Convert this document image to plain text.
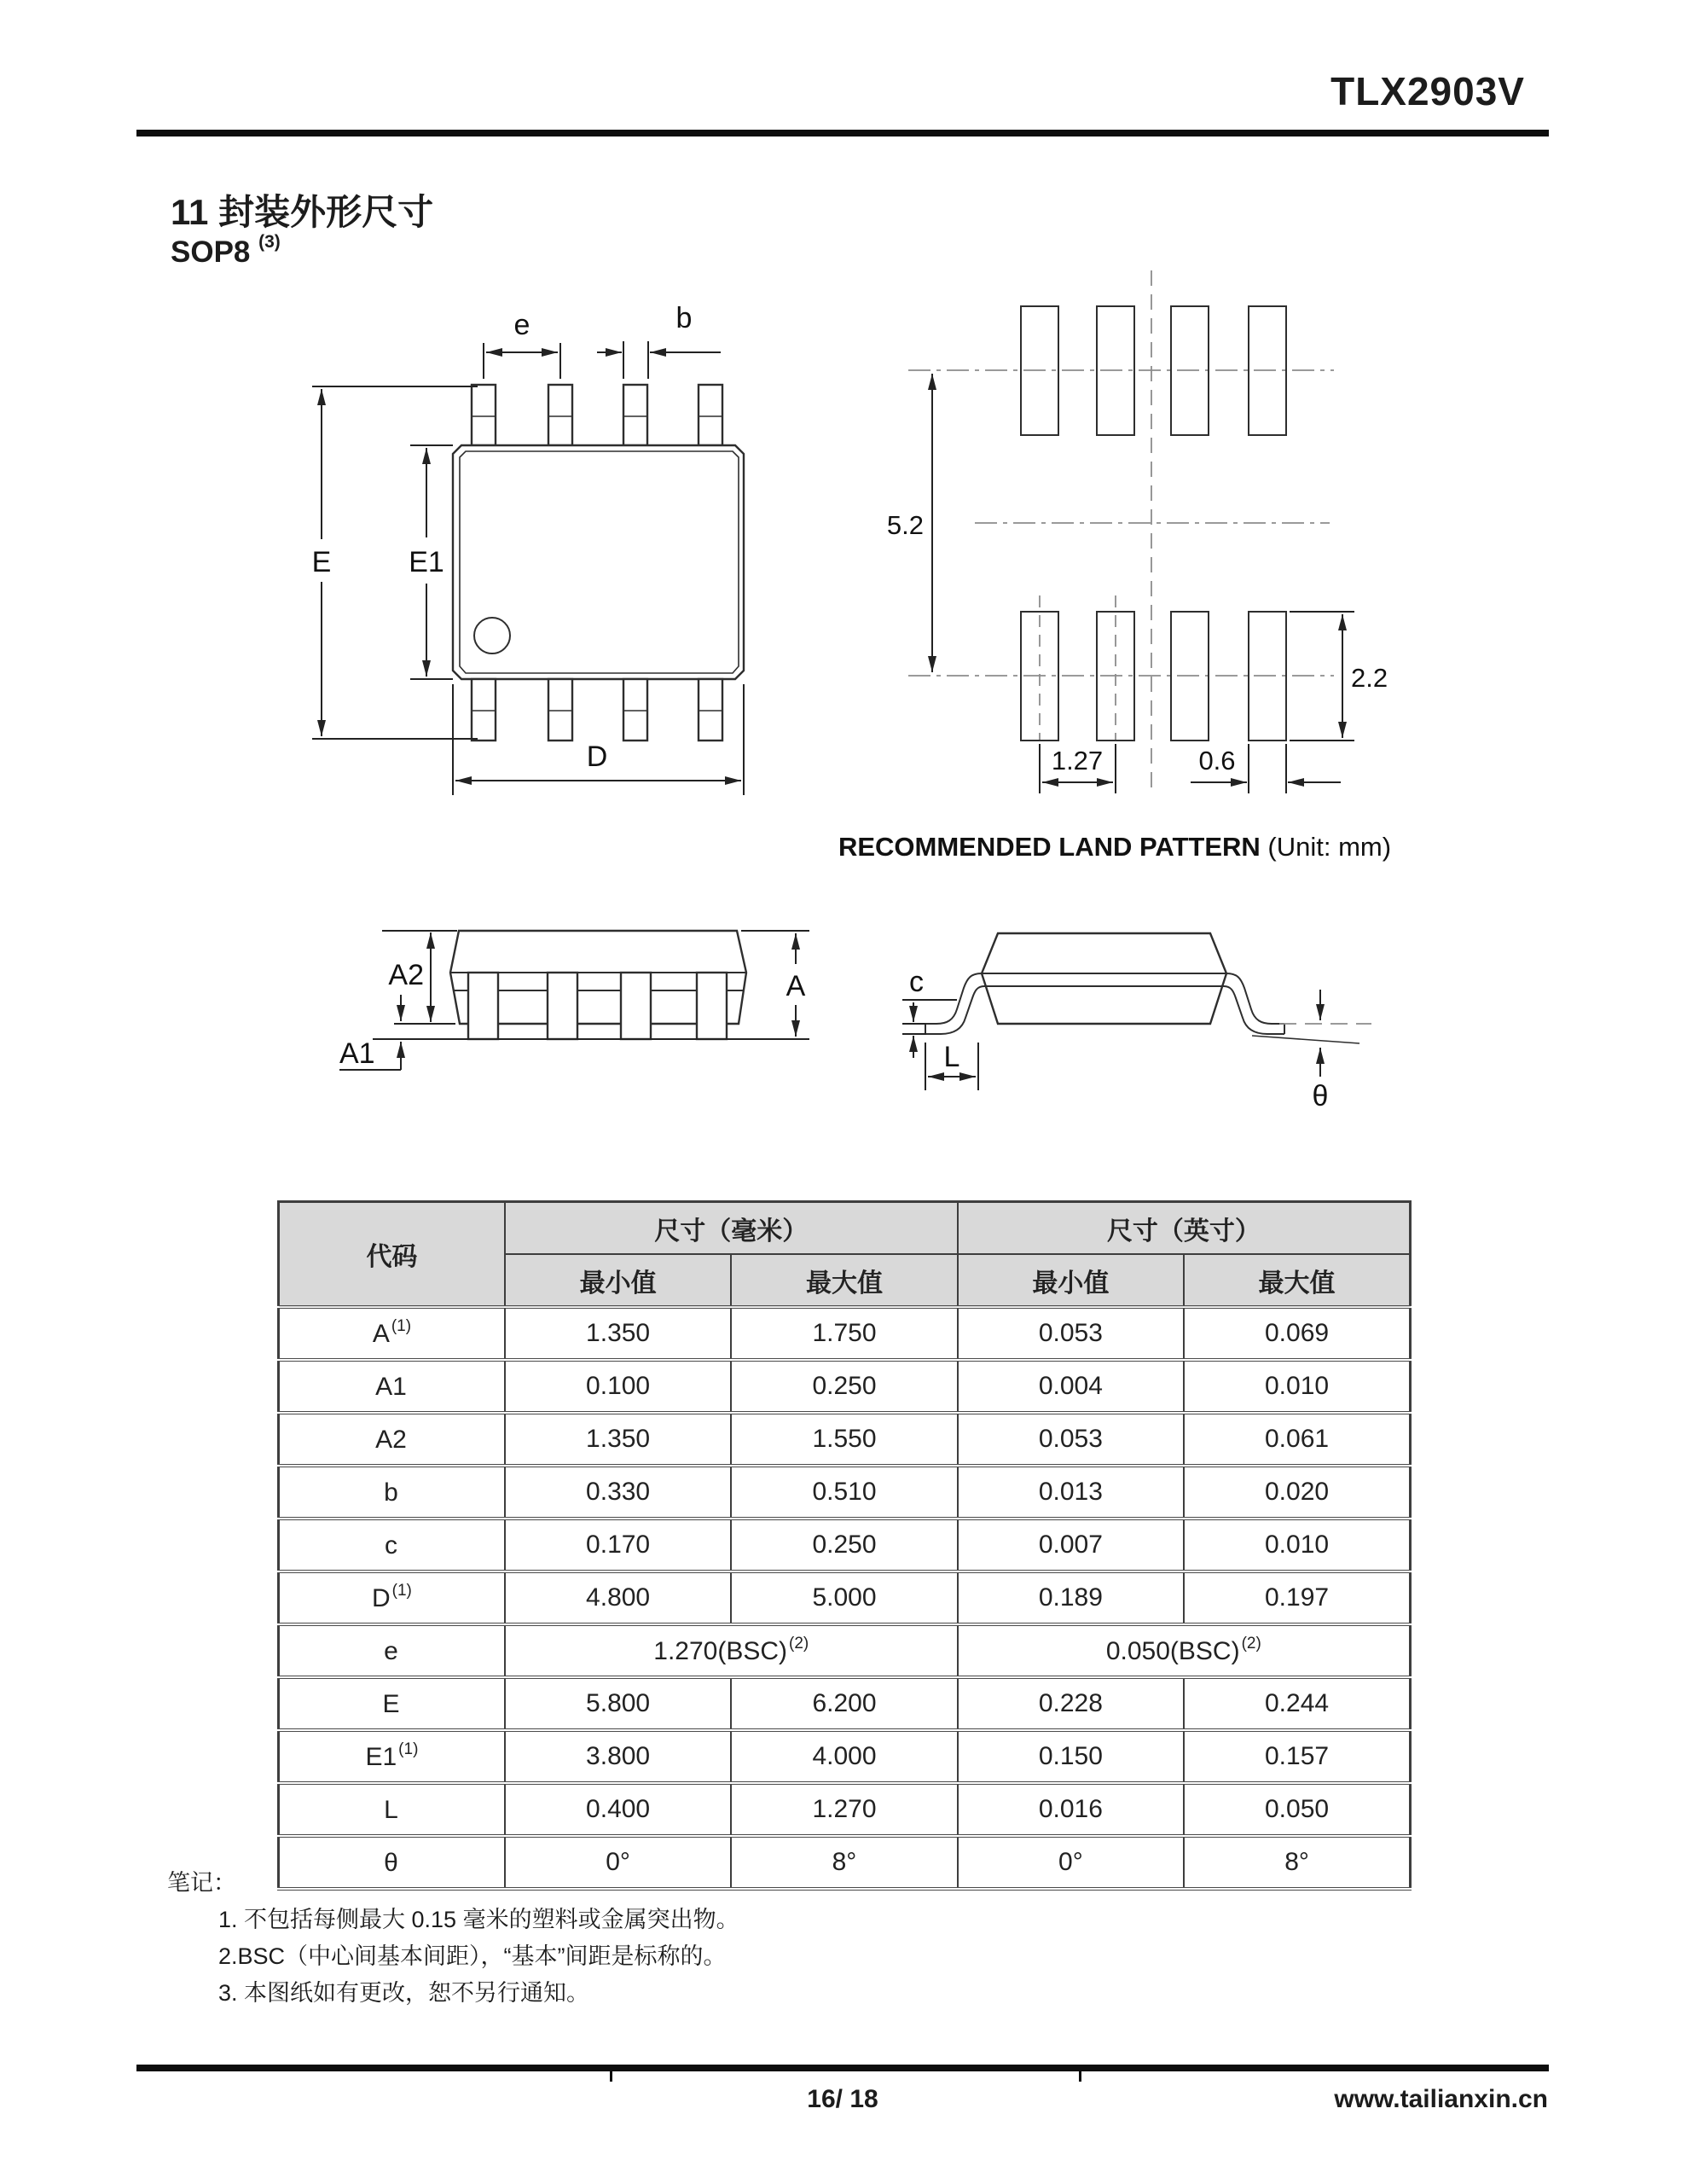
TLX2903V
11 封装外形尺寸
SOP8 $^{(3)}$
E	E1
e	b
D
5.2
2.2
1.27	0.6
A2
A1
A	c
L
θ
RECOMMENDED LAND PATTERN (Unit: mm)
代码	尺寸（毫米）		尺寸（英寸）	
	最小值	最大值	最小值	最大值
A $^{(1)}$	1.350	1.750	0.053	0.069
A1	0.100	0.250	0.004	0.010
A2	1.350	1.550	0.053	0.061
b	0.330	0.510	0.013	0.020
c	0.170	0.250	0.007	0.010
D $^{(1)}$	4.800	5.000	0.189	0.197
e	1.270(BSC) $^{(2)}$		0.050(BSC) $^{(2)}$
E	5.800	6.200	0.228	0.244
E1 $^{(1)}$	3.800	4.000	0.150	0.157
L	0.400	1.270	0.016	0.050
θ	0°	8°	0°	8°
笔记：
1. 不包括每侧最大 0.15 毫米的塑料或金属突出物。
2.BSC（中心间基本间距），“基本”间距是标称的。
3. 本图纸如有更改，恕不另行通知。
16/ 18	www.tailianxin.cn
